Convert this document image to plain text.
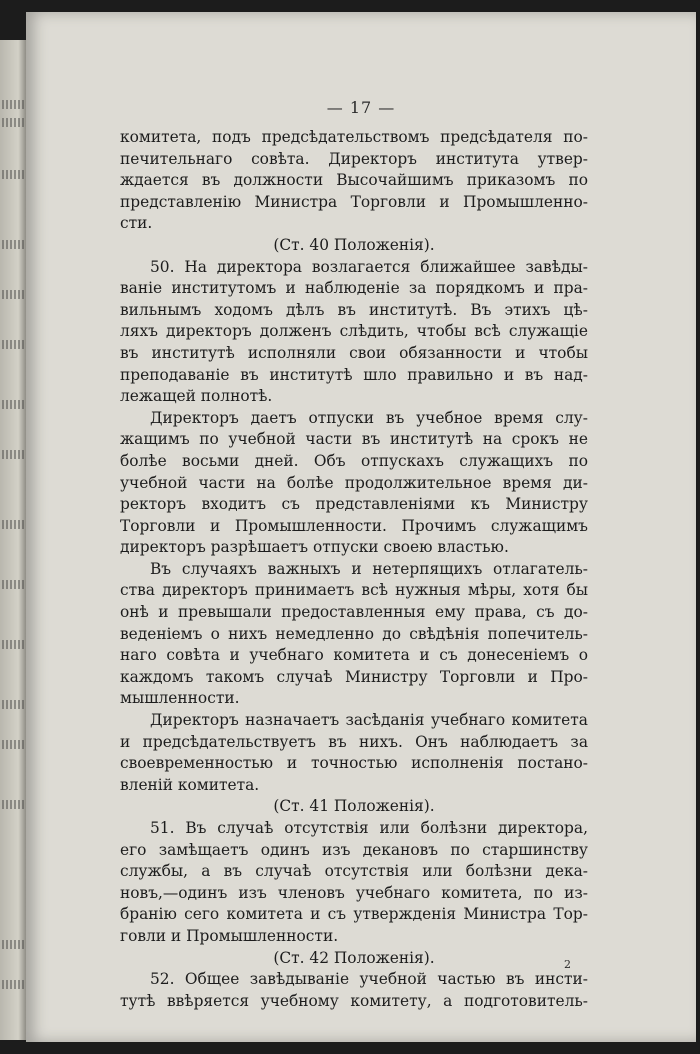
— 17 —
комитета, подъ предсѣдательствомъ предсѣдателя по-
печительнаго совѣта. Директоръ института утвер-
ждается въ должности Высочайшимъ приказомъ по
представленію Министра Торговли и Промышленно-
сти.
(Ст. 40 Положенія).
50. На директора возлагается ближайшее завѣды-
ваніе институтомъ и наблюденіе за порядкомъ и пра-
вильнымъ ходомъ дѣлъ въ институтѣ. Въ этихъ цѣ-
ляхъ директоръ долженъ слѣдить, чтобы всѣ служащіе
въ институтѣ исполняли свои обязанности и чтобы
преподаваніе въ институтѣ шло правильно и въ над-
лежащей полнотѣ.
Директоръ даетъ отпуски въ учебное время слу-
жащимъ по учебной части въ институтѣ на срокъ не
болѣе восьми дней. Объ отпускахъ служащихъ по
учебной части на болѣе продолжительное время ди-
ректоръ входитъ съ представленіями къ Министру
Торговли и Промышленности. Прочимъ служащимъ
директоръ разрѣшаетъ отпуски своею властью.
Въ случаяхъ важныхъ и нетерпящихъ отлагатель-
ства директоръ принимаетъ всѣ нужныя мѣры, хотя бы
онѣ и превышали предоставленныя ему права, съ до-
веденіемъ о нихъ немедленно до свѣдѣнія попечитель-
наго совѣта и учебнаго комитета и съ донесеніемъ о
каждомъ такомъ случаѣ Министру Торговли и Про-
мышленности.
Директоръ назначаетъ засѣданія учебнаго комитета
и предсѣдательствуетъ въ нихъ. Онъ наблюдаетъ за
своевременностью и точностью исполненія постано-
вленій комитета.
(Ст. 41 Положенія).
51. Въ случаѣ отсутствія или болѣзни директора,
его замѣщаетъ одинъ изъ декановъ по старшинству
службы, а въ случаѣ отсутствія или болѣзни дека-
новъ,—одинъ изъ членовъ учебнаго комитета, по из-
бранію сего комитета и съ утвержденія Министра Тор-
говли и Промышленности.
(Ст. 42 Положенія).
52. Общее завѣдываніе учебной частью въ инсти-
тутѣ ввѣряется учебному комитету, а подготовитель-
2
